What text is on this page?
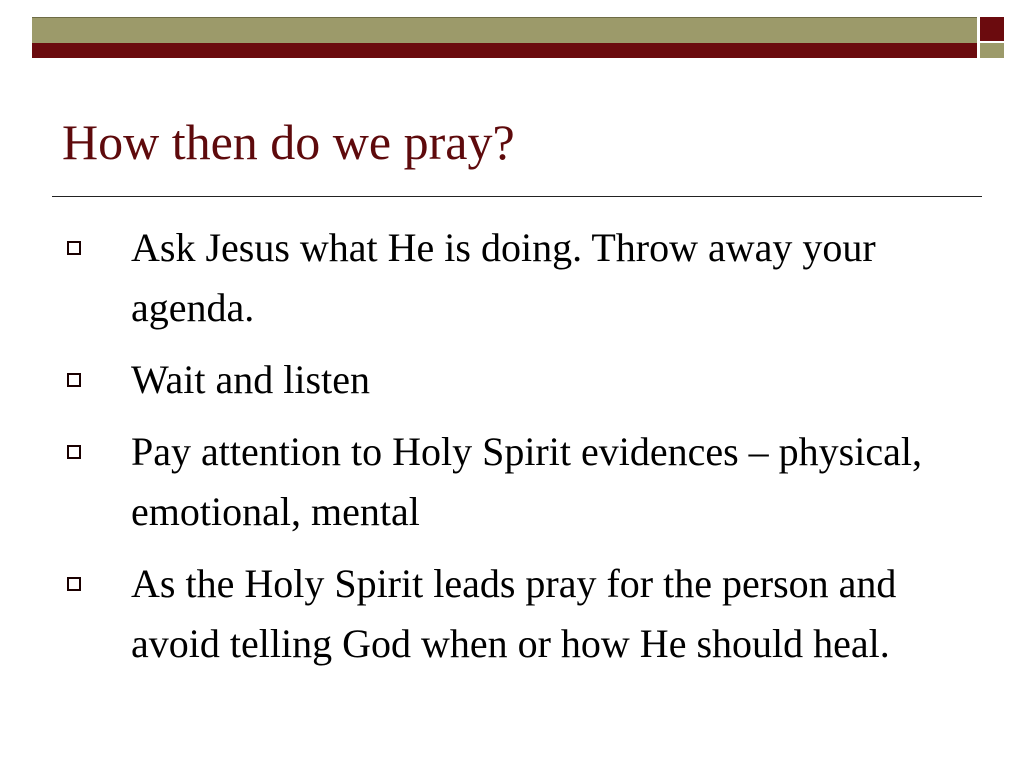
How then do we pray?
Ask Jesus what He is doing. Throw away your agenda.
Wait and listen
Pay attention to Holy Spirit evidences – physical, emotional, mental
As the Holy Spirit leads pray for the person and avoid telling God when or how He should heal.
